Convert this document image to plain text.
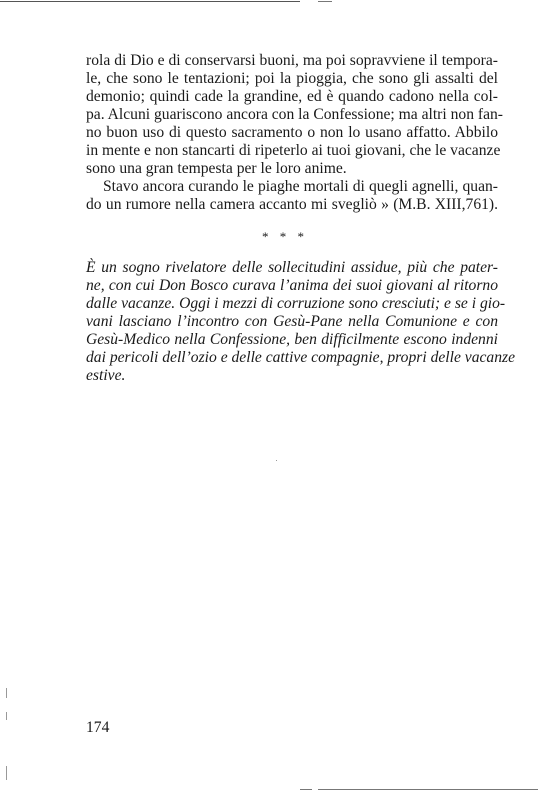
rola di Dio e di conservarsi buoni, ma poi sopravviene il tempora-
le, che sono le tentazioni; poi la pioggia, che sono gli assalti del
demonio; quindi cade la grandine, ed è quando cadono nella col-
pa. Alcuni guariscono ancora con la Confessione; ma altri non fan-
no buon uso di questo sacramento o non lo usano affatto. Abbilo
in mente e non stancarti di ripeterlo ai tuoi giovani, che le vacanze
sono una gran tempesta per le loro anime.
Stavo ancora curando le piaghe mortali di quegli agnelli, quan-
do un rumore nella camera accanto mi svegliò » (M.B. XIII,761).
* * *
È un sogno rivelatore delle sollecitudini assidue, più che pater-
ne, con cui Don Bosco curava l’anima dei suoi giovani al ritorno
dalle vacanze. Oggi i mezzi di corruzione sono cresciuti; e se i gio-
vani lasciano l’incontro con Gesù-Pane nella Comunione e con
Gesù-Medico nella Confessione, ben difficilmente escono indenni
dai pericoli dell’ozio e delle cattive compagnie, propri delle vacanze
estive.
174
